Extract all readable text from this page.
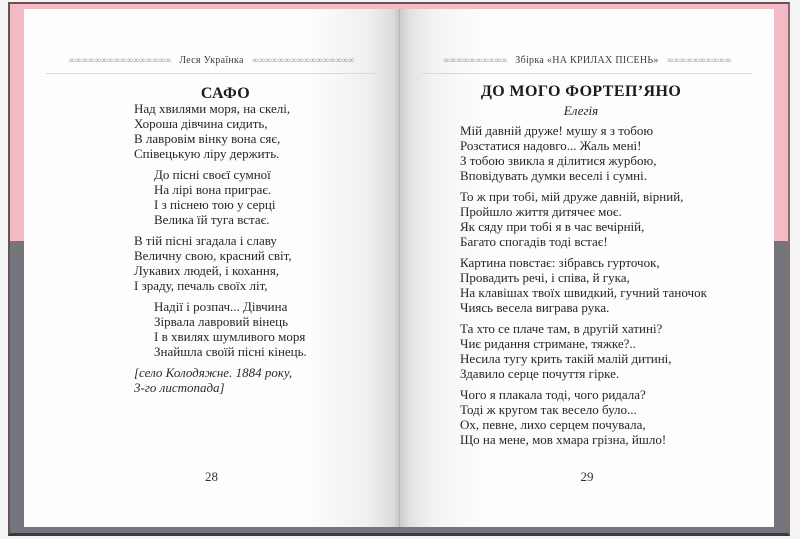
∞∞∞∞∞∞∞∞∞∞∞∞∞∞∞∞ Леся Українка ∞∞∞∞∞∞∞∞∞∞∞∞∞∞∞∞
САФО
Над хвилями моря, на скелі,
Хороша дівчина сидить,
В лавровім вінку вона сяє,
Співецькую ліру держить.
До пісні своєї сумної
На лірі вона приграє.
І з піснею тою у серці
Велика їй туга встає.
В тій пісні згадала і славу
Величну свою, красний світ,
Лукавих людей, і кохання,
І зраду, печаль своїх літ,
Надії і розпач... Дівчина
Зірвала лавровий вінець
І в хвилях шумливого моря
Знайшла своїй пісні кінець.
[село Колодяжне. 1884 року,
3-го листопада]
28
∞∞∞∞∞∞∞∞∞∞ Збірка «НА КРИЛАХ ПІСЕНЬ» ∞∞∞∞∞∞∞∞∞∞
ДО МОГО ФОРТЕП’ЯНО
Елегія
Мій давній друже! мушу я з тобою
Розстатися надовго... Жаль мені!
З тобою звикла я ділитися журбою,
Вповідувать думки веселі і сумні.
То ж при тобі, мій друже давній, вірний,
Пройшло життя дитячеє моє.
Як сяду при тобі я в час вечірній,
Багато спогадів тоді встає!
Картина повстає: зібравсь гурточок,
Провадить речі, і співа, й гука,
На клавішах твоїх швидкий, гучний таночок
Чиясь весела виграва рука.
Та хто се плаче там, в другій хатині?
Чиє ридання стримане, тяжке?..
Несила тугу крить такій малій дитині,
Здавило серце почуття гірке.
Чого я плакала тоді, чого ридала?
Тоді ж кругом так весело було...
Ох, певне, лихо серцем почувала,
Що на мене, мов хмара грізна, йшло!
29
